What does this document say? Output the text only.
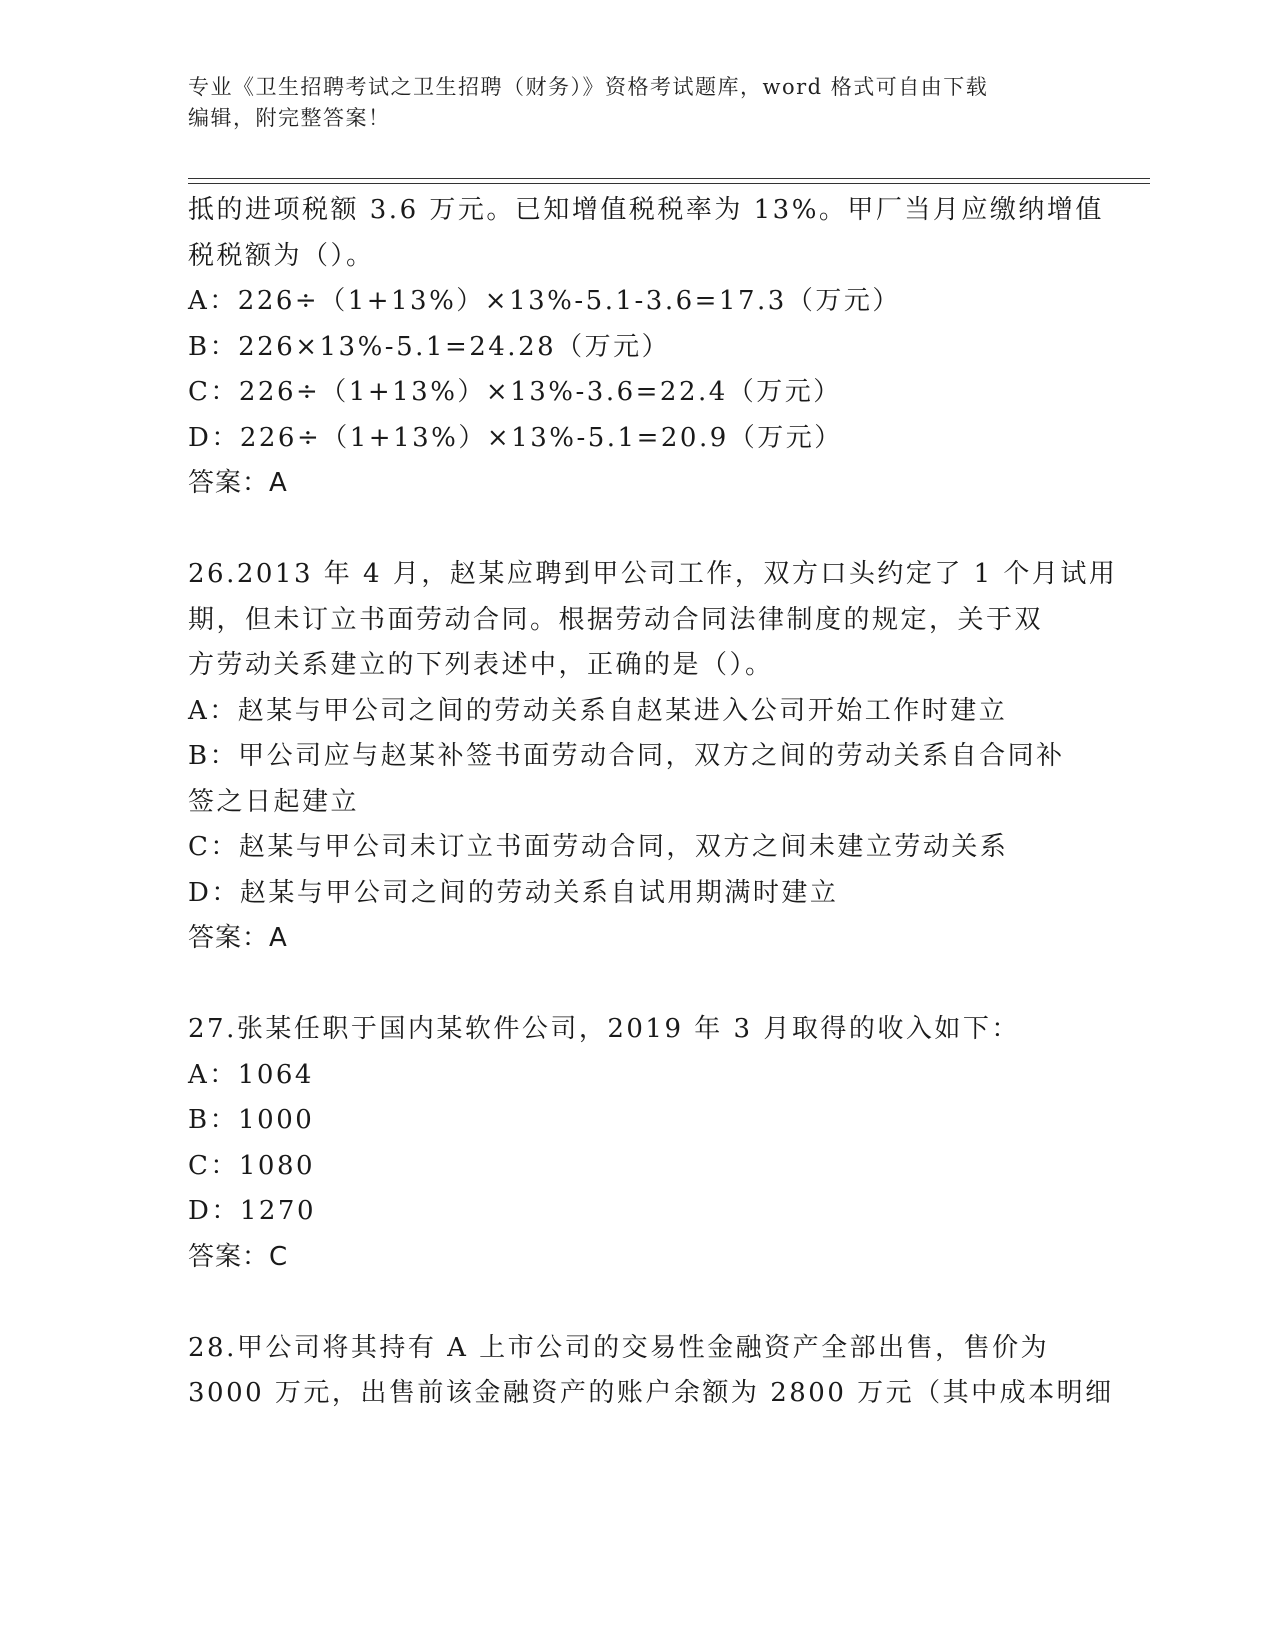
专业《卫生招聘考试之卫生招聘（财务）》资格考试题库，word 格式可自由下载
编辑，附完整答案！
抵的进项税额 3.6 万元。已知增值税税率为 13%。甲厂当月应缴纳增值
税税额为（）。
A：226÷（1+13%）×13%-5.1-3.6=17.3（万元）
B：226×13%-5.1=24.28（万元）
C：226÷（1+13%）×13%-3.6=22.4（万元）
D：226÷（1+13%）×13%-5.1=20.9（万元）
答案：A
26.2013 年 4 月，赵某应聘到甲公司工作，双方口头约定了 1 个月试用
期，但未订立书面劳动合同。根据劳动合同法律制度的规定，关于双
方劳动关系建立的下列表述中，正确的是（）。
A：赵某与甲公司之间的劳动关系自赵某进入公司开始工作时建立
B：甲公司应与赵某补签书面劳动合同，双方之间的劳动关系自合同补
签之日起建立
C：赵某与甲公司未订立书面劳动合同，双方之间未建立劳动关系
D：赵某与甲公司之间的劳动关系自试用期满时建立
答案：A
27.张某任职于国内某软件公司，2019 年 3 月取得的收入如下：
A：1064
B：1000
C：1080
D：1270
答案：C
28.甲公司将其持有 A 上市公司的交易性金融资产全部出售，售价为
3000 万元，出售前该金融资产的账户余额为 2800 万元（其中成本明细
